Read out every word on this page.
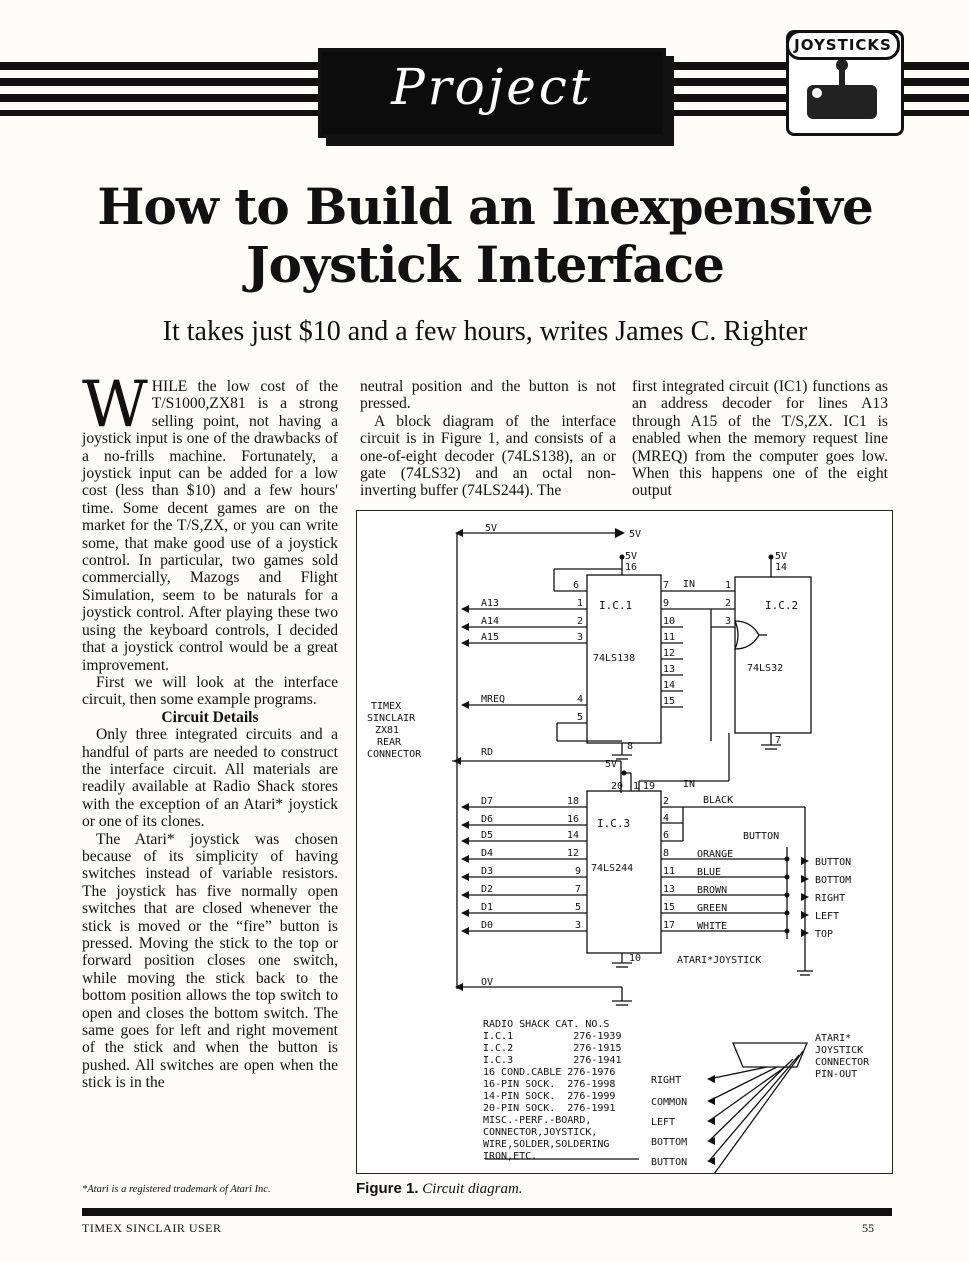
Project
JOYSTICKS
How to Build an Inexpensive
Joystick Interface
It takes just $10 and a few hours, writes James C. Righter

WHILE the low cost of the T/S1000,ZX81 is a strong selling point, not having a joystick input is one of the drawbacks of a no-frills machine. Fortunately, a joystick input can be added for a low cost (less than $10) and a few hours' time. Some decent games are on the market for the T/S,ZX, or you can write some, that make good use of a joystick control. In particular, two games sold commercially, Mazogs and Flight Simulation, seem to be naturals for a joystick control. After playing these two using the keyboard controls, I decided that a joystick control would be a great improvement.

First we will look at the interface circuit, then some example programs.

Circuit Details

Only three integrated circuits and a handful of parts are needed to construct the interface circuit. All materials are readily available at Radio Shack stores with the exception of an Atari* joystick or one of its clones.

The Atari* joystick was chosen because of its simplicity of having switches instead of variable resistors. The joystick has five normally open switches that are closed whenever the stick is moved or the “fire” button is pressed. Moving the stick to the top or forward position closes one switch, while moving the stick back to the bottom position allows the top switch to open and closes the bottom switch. The same goes for left and right movement of the stick and when the button is pushed. All switches are open when the stick is in the

*Atari is a registered trademark of Atari Inc.

neutral position and the button is not pressed.

A block diagram of the interface circuit is in Figure 1, and consists of a one-of-eight decoder (74LS138), an or gate (74LS32) and an octal non-inverting buffer (74LS244). The

first integrated circuit (IC1) functions as an address decoder for lines A13 through A15 of the T/S,ZX. IC1 is enabled when the memory request line (MREQ) from the computer goes low. When this happens one of the eight output

5V
5V
5V
16
5V
14
I.C.1
74LS138
I.C.2
74LS32
I.C.3
74LS244
A13
A14
A15
MREQ
RD
IN
IN
6
1
2
3
4
5
7
9
10
11
12
13
14
15
8
1
2
3
7
5V
20 1 19
10
D7
D6
D5
D4
D3
D2
D1
D0
18
16
14
12
9
7
5
3
2
4
6
8
11
13
15
17
BLACK
BUTTON
ORANGE
BLUE
BROWN
GREEN
WHITE
BUTTON
BOTTOM
RIGHT
LEFT
TOP
ATARI*JOYSTICK
OV
TIMEX
SINCLAIR
ZX81
REAR
CONNECTOR
RADIO SHACK CAT. NO.S
I.C.1          276-1939
I.C.2          276-1915
I.C.3          276-1941
16 COND.CABLE 276-1976
16-PIN SOCK.  276-1998
14-PIN SOCK.  276-1999
20-PIN SOCK.  276-1991
MISC.-PERF.-BOARD,
CONNECTOR,JOYSTICK,
WIRE,SOLDER,SOLDERING
IRON,ETC.
RIGHT
COMMON
LEFT
BOTTOM
BUTTON
ATARI*
JOYSTICK
CONNECTOR
PIN-OUT
Figure 1. Circuit diagram.
TIMEX SINCLAIR USER	55
